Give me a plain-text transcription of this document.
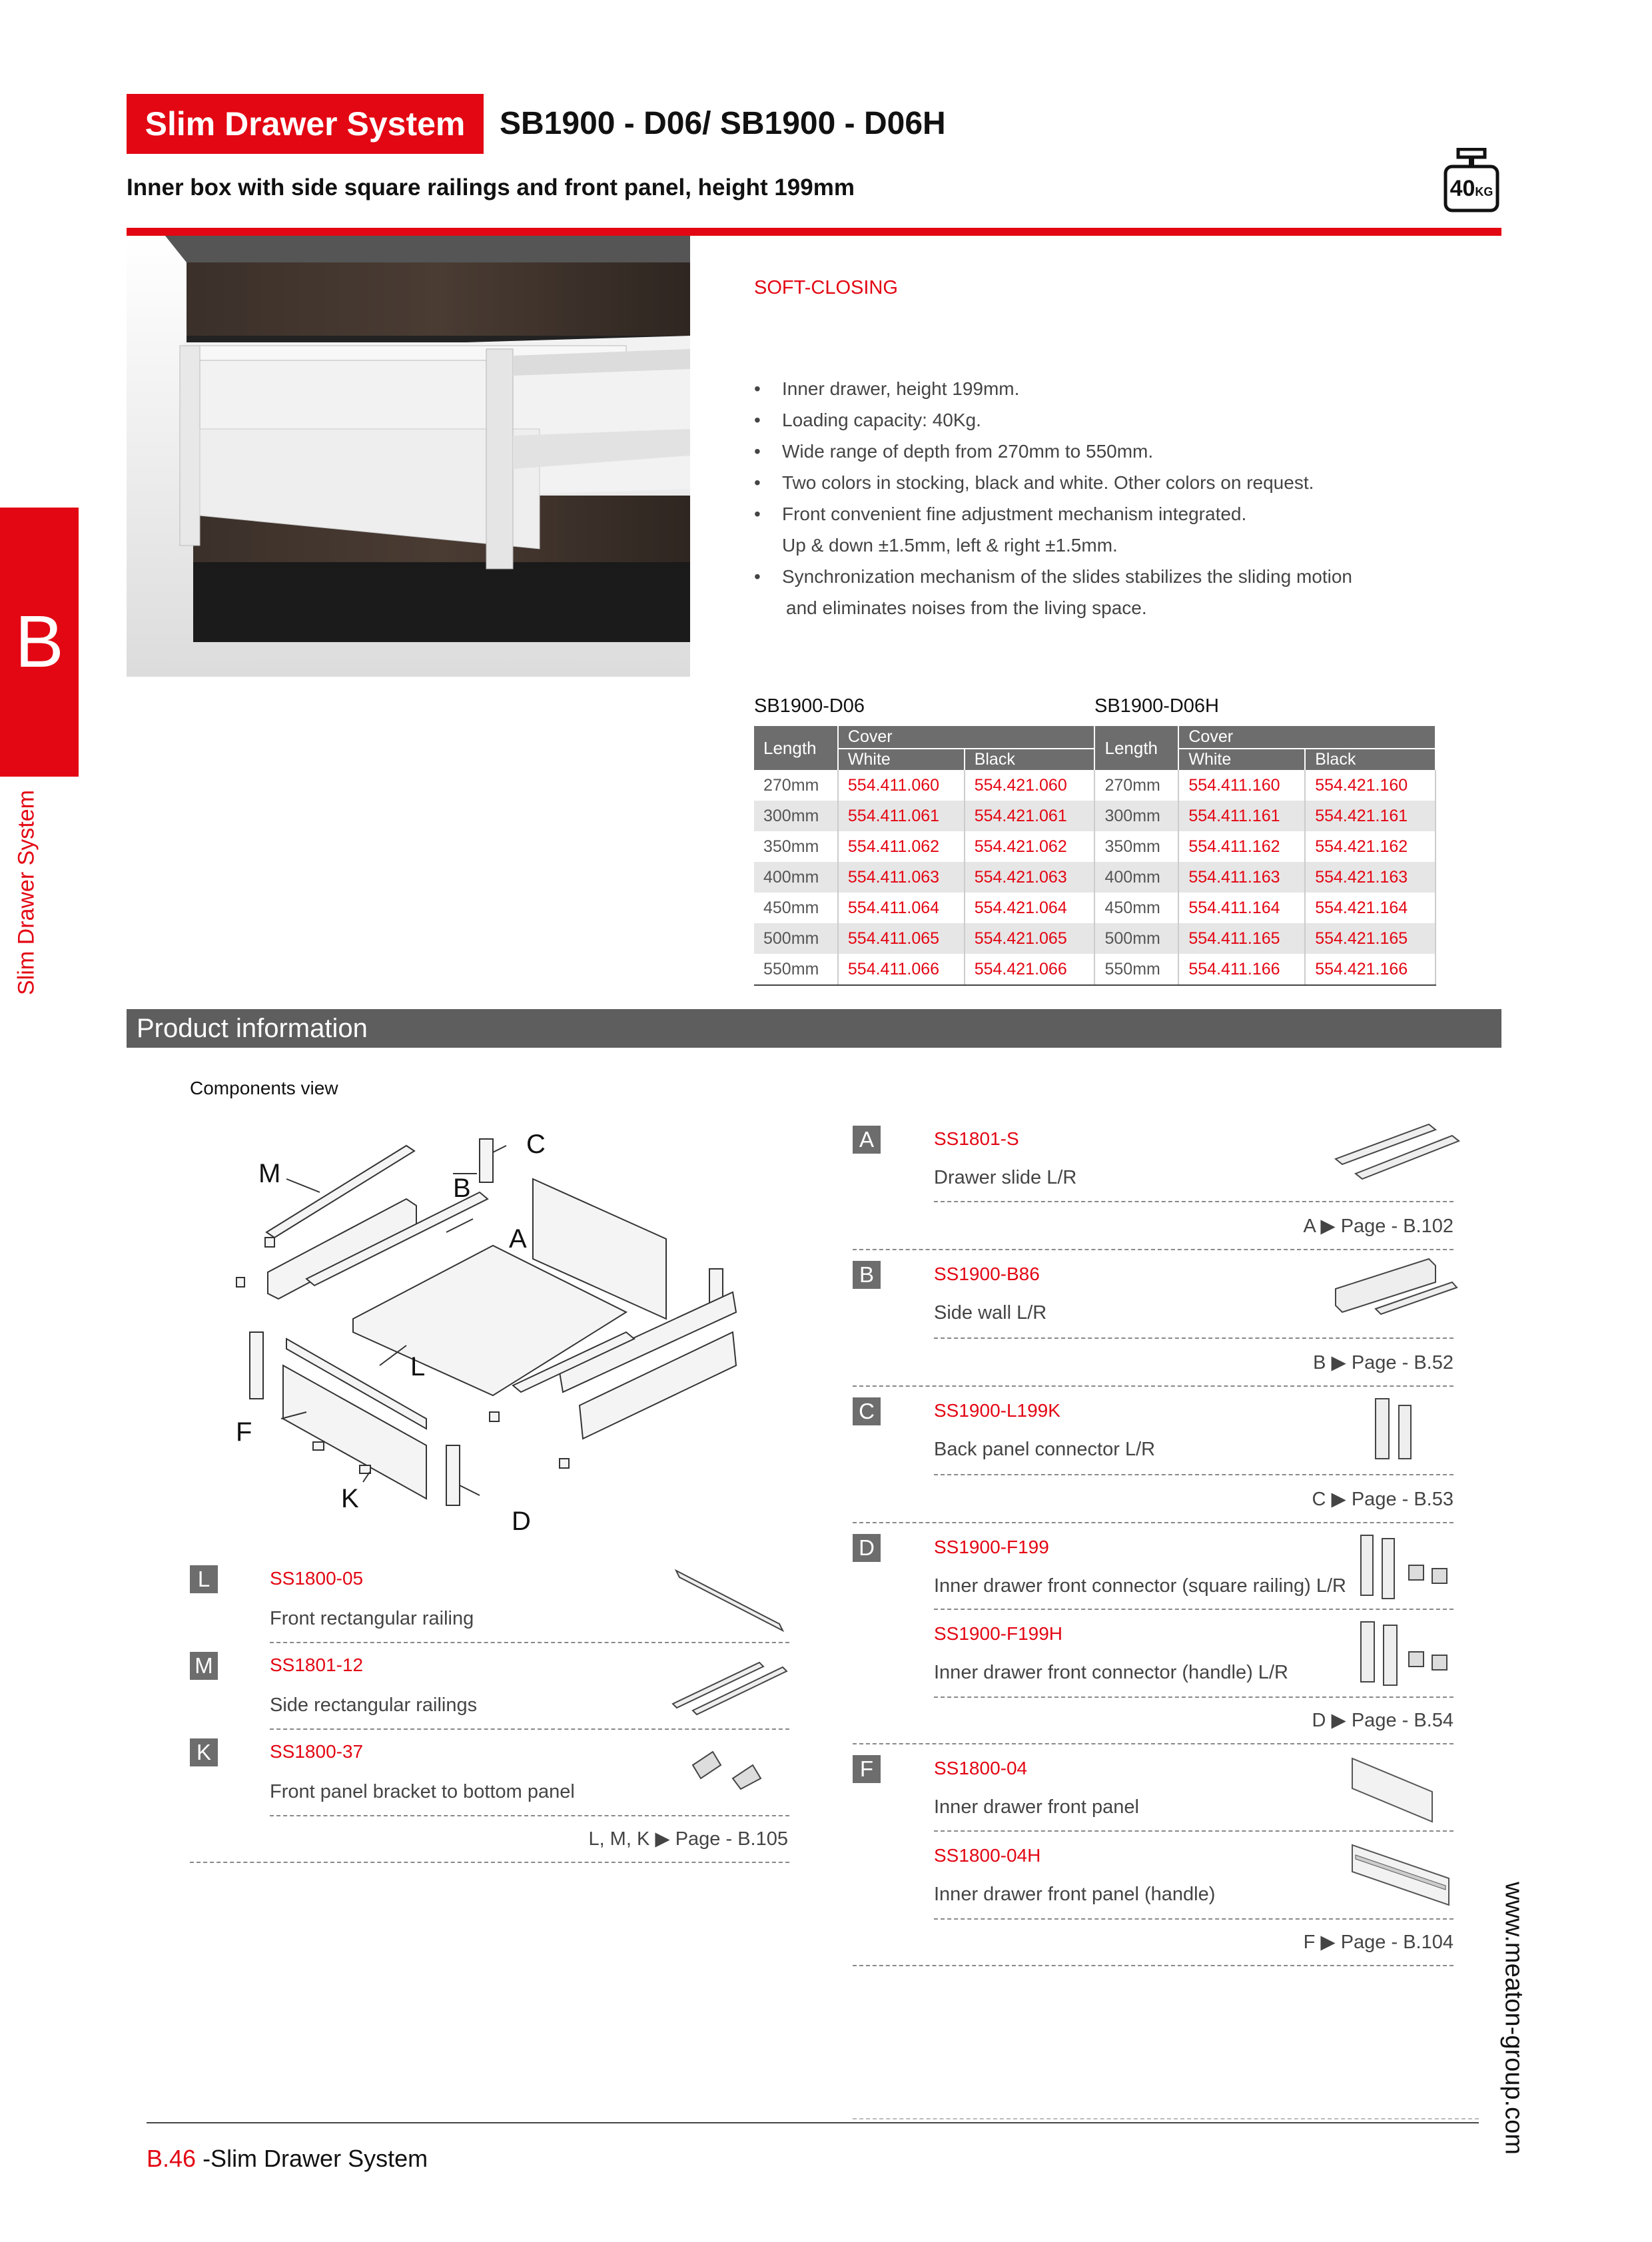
Slim Drawer System	SB1900 - D06/ SB1900 - D06H
Inner box with side square railings and front panel, height 199mm	40KG
B
Slim Drawer System
SOFT-CLOSING
• Inner drawer, height 199mm.
• Loading capacity: 40Kg.
• Wide range of depth from 270mm to 550mm.
• Two colors in stocking, black and white. Other colors on request.
• Front convenient fine adjustment mechanism integrated.
Up & down ±1.5mm, left & right ±1.5mm.
• Synchronization mechanism of the slides stabilizes the sliding motion
and eliminates noises from the living space.
SB1900-D06	SB1900-D06H
Length	Cover		Length	Cover	
	White	Black		White	Black
270mm	554.411.060	554.421.060	270mm	554.411.160	554.421.160
300mm	554.411.061	554.421.061	300mm	554.411.161	554.421.161
350mm	554.411.062	554.421.062	350mm	554.411.162	554.421.162
400mm	554.411.063	554.421.063	400mm	554.411.163	554.421.163
450mm	554.411.064	554.421.064	450mm	554.411.164	554.421.164
500mm	554.411.065	554.421.065	500mm	554.411.165	554.421.165
550mm	554.411.066	554.421.066	550mm	554.411.166	554.421.166
Product information
Components view
M	B
C
A
L
F
K
D
L	SS1800-05
Front rectangular railing
M	SS1801-12
Side rectangular railings
K	SS1800-37
Front panel bracket to bottom panel
L, M, K ▶ Page - B.105
A	SS1801-S
Drawer slide L/R
A ▶ Page - B.102
B	SS1900-B86
Side wall L/R
B ▶ Page - B.52
C	SS1900-L199K
Back panel connector L/R
C ▶ Page - B.53
D	SS1900-F199
Inner drawer front connector (square railing) L/R
SS1900-F199H
Inner drawer front connector (handle) L/R
D ▶ Page - B.54
F	SS1800-04
Inner drawer front panel
SS1800-04H
Inner drawer front panel (handle)
F ▶ Page - B.104
B.46 -Slim Drawer System
www.meaton-group.com
